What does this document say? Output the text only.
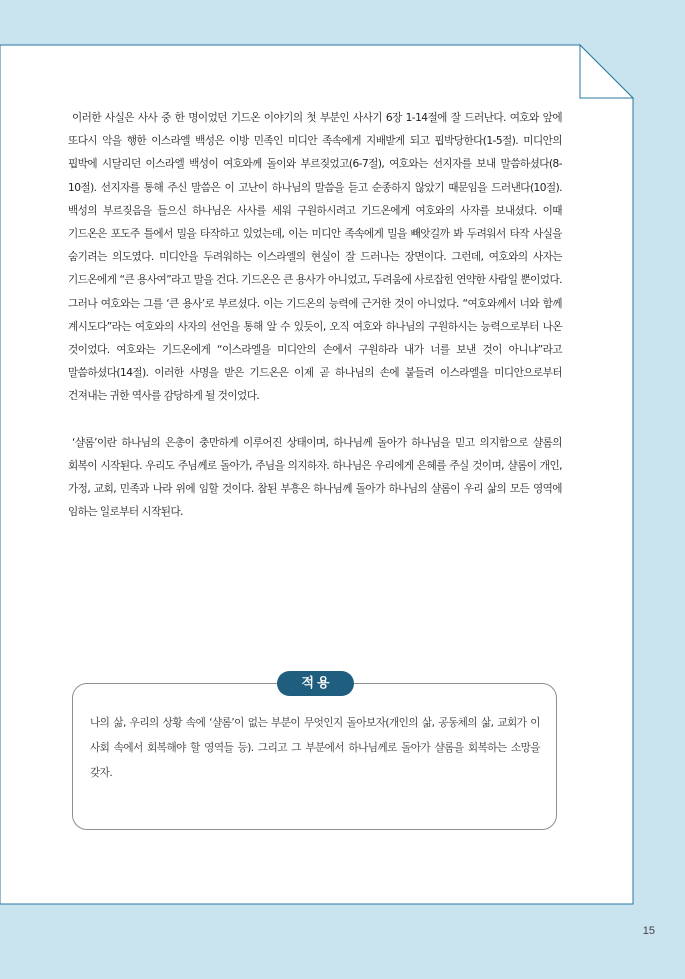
이러한 사실은 사사 중 한 명이었던 기드온 이야기의 첫 부분인 사사기 6장 1-14절에 잘 드러난다. 여호와 앞에 또다시 악을 행한 이스라엘 백성은 이방 민족인 미디안 족속에게 지배받게 되고 핍박당한다(1-5절). 미디안의 핍박에 시달리던 이스라엘 백성이 여호와께 돌이와 부르짖었고(6-7절), 여호와는 선지자를 보내 말씀하셨다(8-10절). 선지자를 통해 주신 말씀은 이 고난이 하나님의 말씀을 듣고 순종하지 않았기 때문임을 드러낸다(10절). 백성의 부르짖음을 들으신 하나님은 사사를 세워 구원하시려고 기드온에게 여호와의 사자를 보내셨다. 이때 기드온은 포도주 틀에서 밀을 타작하고 있었는데, 이는 미디안 족속에게 밀을 빼앗길까 봐 두려워서 타작 사실을 숨기려는 의도였다. 미디안을 두려워하는 이스라엘의 현실이 잘 드러나는 장면이다. 그런데, 여호와의 사자는 기드온에게 “큰 용사여”라고 말을 건다. 기드온은 큰 용사가 아니었고, 두려움에 사로잡힌 연약한 사람일 뿐이었다. 그러나 여호와는 그를 ‘큰 용사’로 부르셨다. 이는 기드온의 능력에 근거한 것이 아니었다. “여호와께서 너와 함께 계시도다”라는 여호와의 사자의 선언을 통해 알 수 있듯이, 오직 여호와 하나님의 구원하시는 능력으로부터 나온 것이었다. 여호와는 기드온에게 “이스라엘을 미디안의 손에서 구원하라 내가 너를 보낸 것이 아니냐”라고 말씀하셨다(14절). 이러한 사명을 받은 기드온은 이제 곧 하나님의 손에 붙들려 이스라엘을 미디안으로부터 건져내는 귀한 역사를 감당하게 될 것이었다.

‘샬롬’이란 하나님의 은총이 충만하게 이루어진 상태이며, 하나님께 돌아가 하나님을 믿고 의지함으로 샬롬의 회복이 시작된다. 우리도 주님께로 돌아가, 주님을 의지하자. 하나님은 우리에게 은혜를 주실 것이며, 샬롬이 개인, 가정, 교회, 민족과 나라 위에 임할 것이다. 참된 부흥은 하나님께 돌아가 하나님의 샬롬이 우리 삶의 모든 영역에 임하는 일로부터 시작된다.

적용
나의 삶, 우리의 상황 속에 ‘샬롬’이 없는 부분이 무엇인지 돌아보자(개인의 삶, 공동체의 삶, 교회가 이 사회 속에서 회복해야 할 영역들 등). 그리고 그 부분에서 하나님께로 돌아가 샬롬을 회복하는 소망을 갖자.
15
